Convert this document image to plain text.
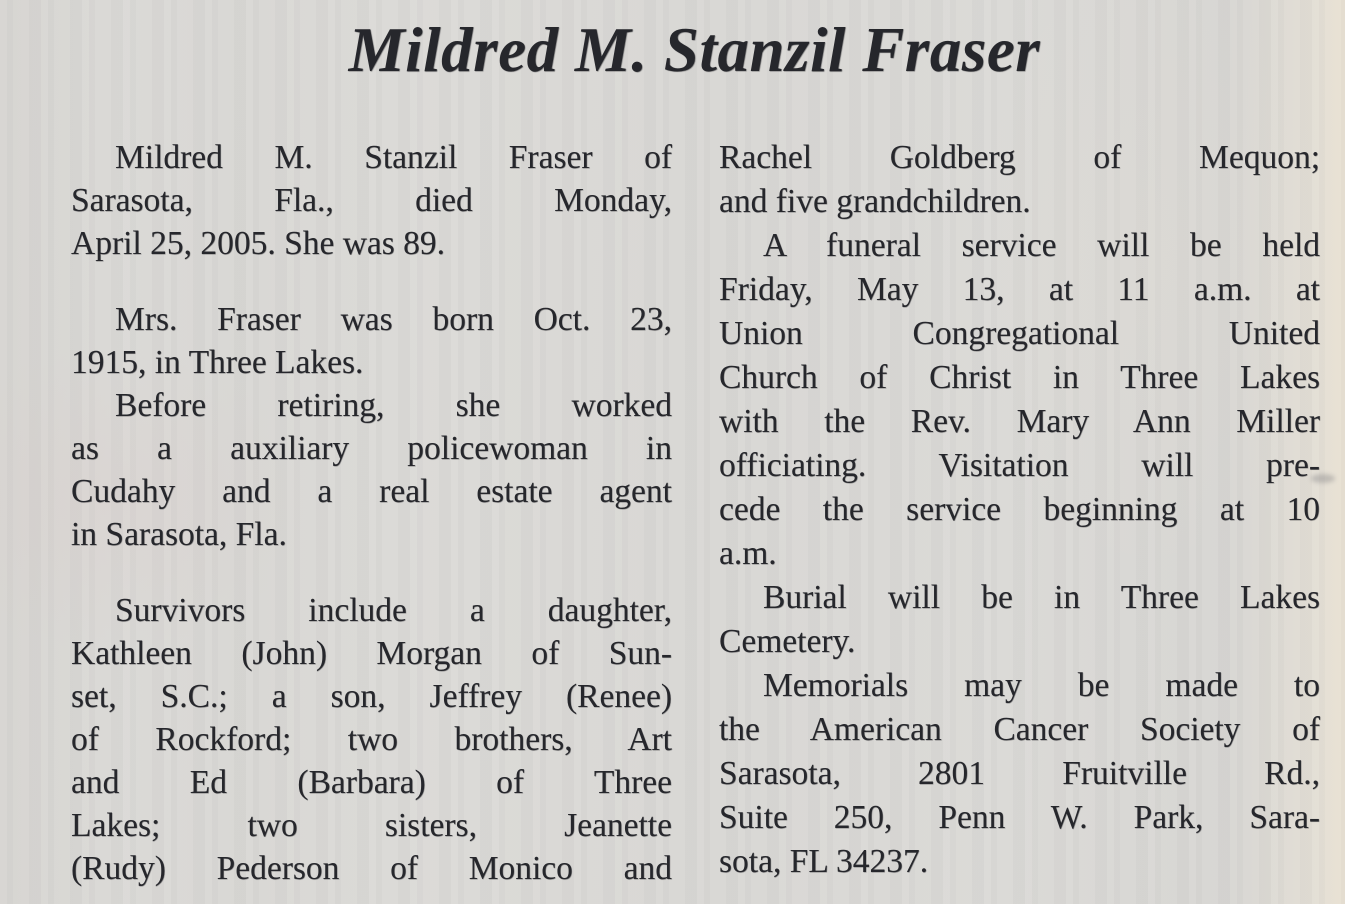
Mildred M. Stanzil Fraser
Mildred M. Stanzil Fraser of
Sarasota, Fla., died Monday,
April 25, 2005. She was 89.
Mrs. Fraser was born Oct. 23,
1915, in Three Lakes.
Before retiring, she worked
as a auxiliary policewoman in
Cudahy and a real estate agent
in Sarasota, Fla.
Survivors include a daughter,
Kathleen (John) Morgan of Sun-
set, S.C.; a son, Jeffrey (Renee)
of Rockford; two brothers, Art
and Ed (Barbara) of Three
Lakes; two sisters, Jeanette
(Rudy) Pederson of Monico and
Rachel Goldberg of Mequon;
and five grandchildren.
A funeral service will be held
Friday, May 13, at 11 a.m. at
Union Congregational United
Church of Christ in Three Lakes
with the Rev. Mary Ann Miller
officiating. Visitation will pre-
cede the service beginning at 10
a.m.
Burial will be in Three Lakes
Cemetery.
Memorials may be made to
the American Cancer Society of
Sarasota, 2801 Fruitville Rd.,
Suite 250, Penn W. Park, Sara-
sota, FL 34237.
